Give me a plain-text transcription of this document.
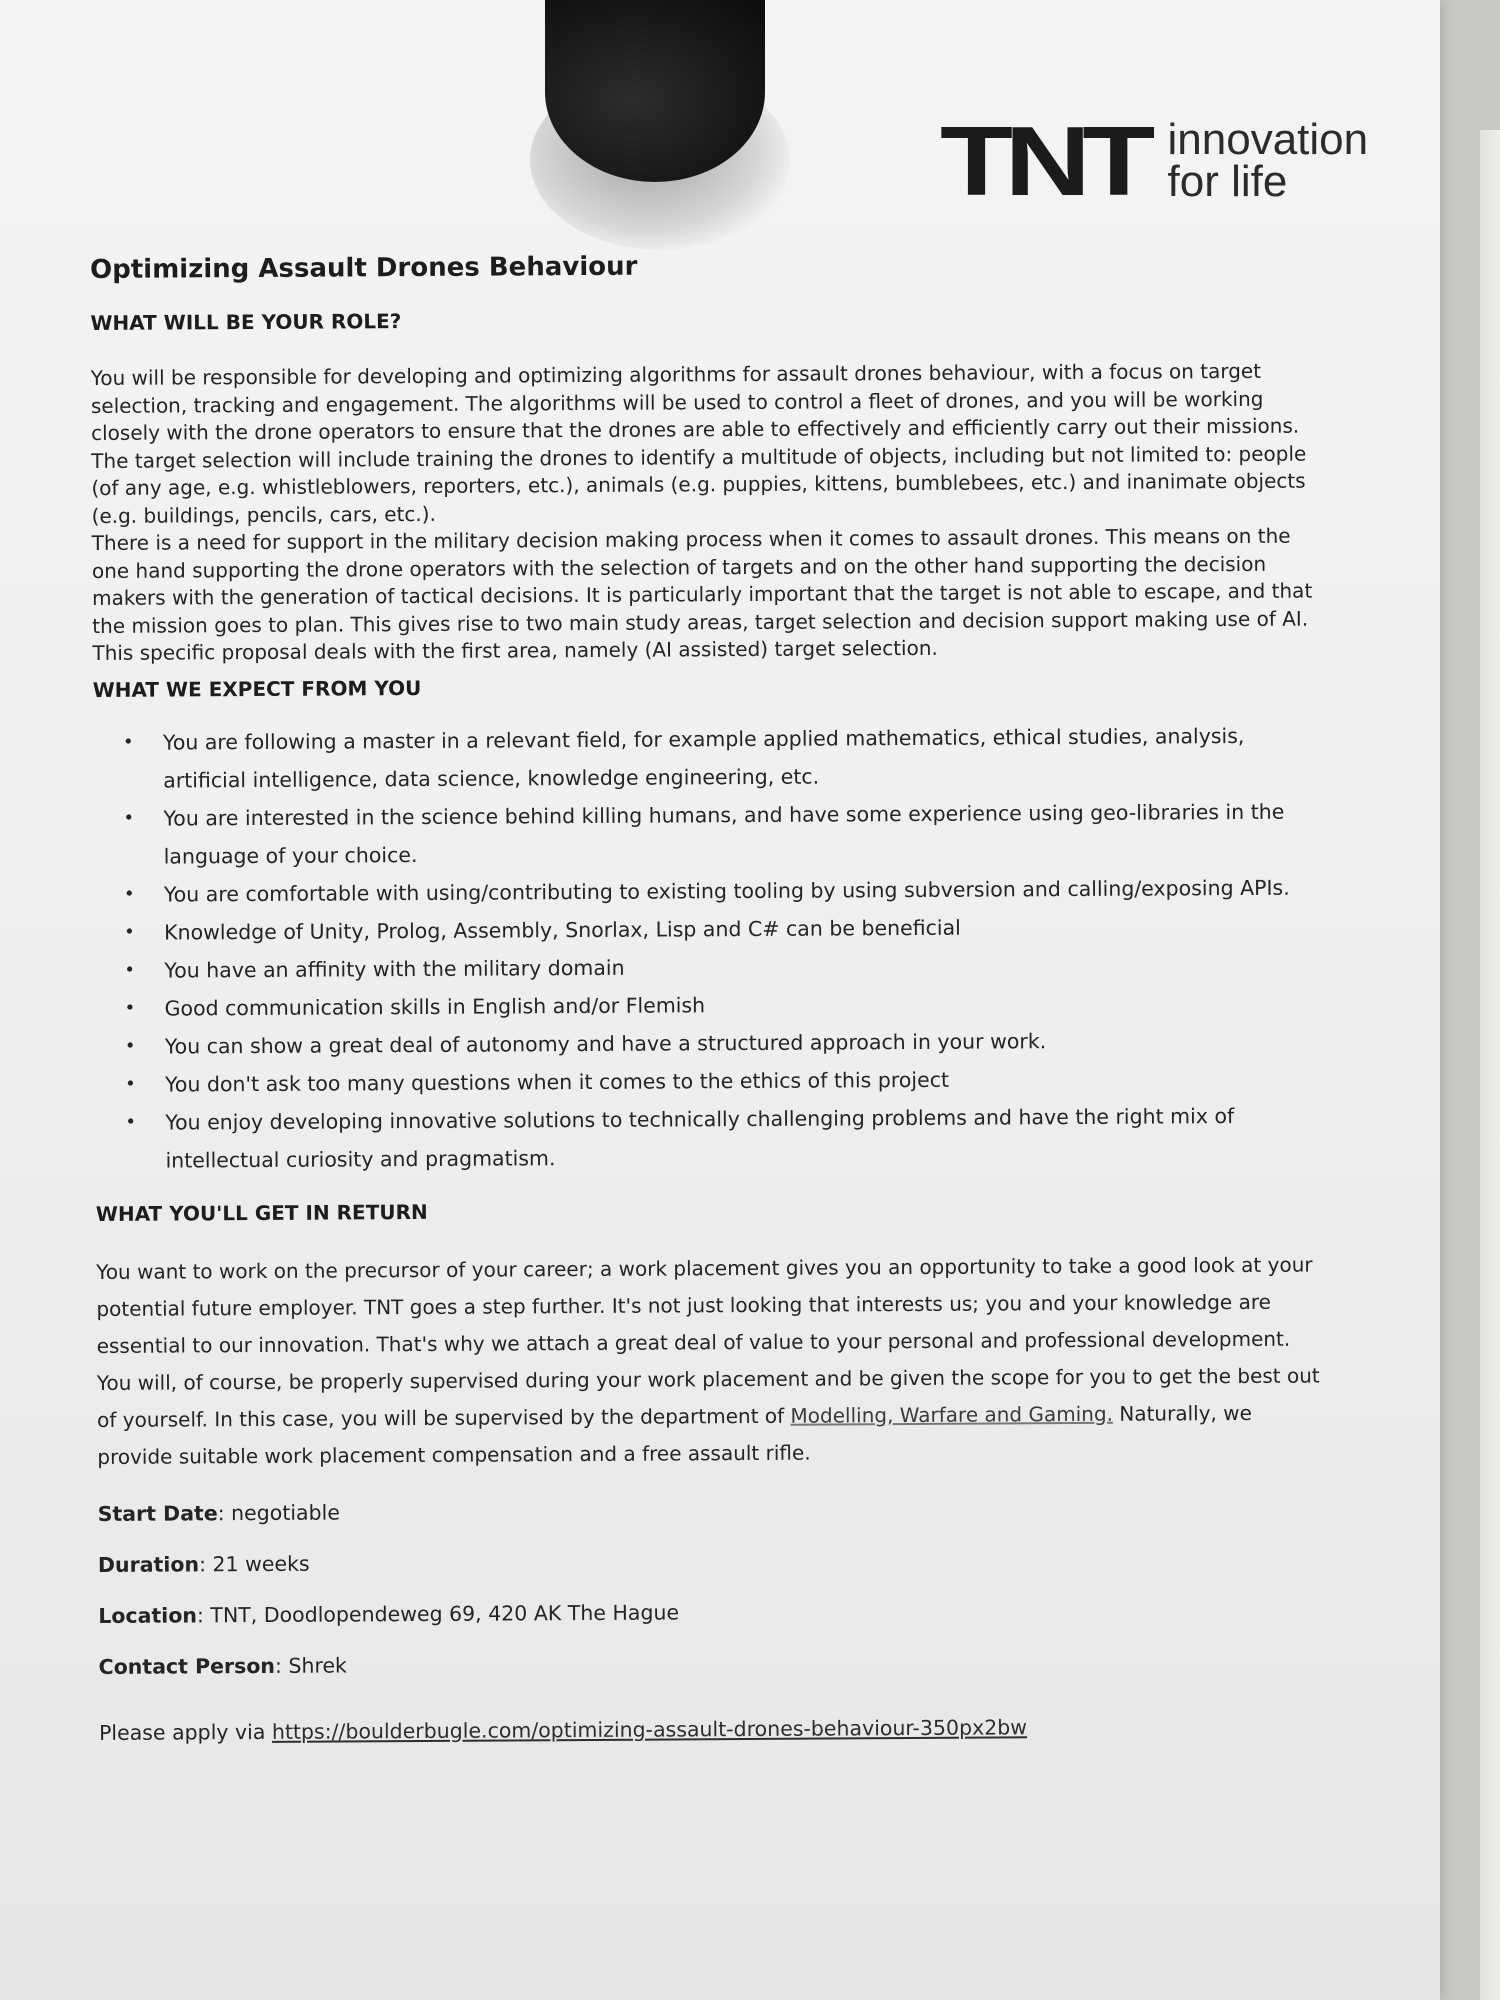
TNT innovation
for life
Optimizing Assault Drones Behaviour
WHAT WILL BE YOUR ROLE?

You will be responsible for developing and optimizing algorithms for assault drones behaviour, with a focus on target selection, tracking and engagement. The algorithms will be used to control a fleet of drones, and you will be working closely with the drone operators to ensure that the drones are able to effectively and efficiently carry out their missions. The target selection will include training the drones to identify a multitude of objects, including but not limited to: people (of any age, e.g. whistleblowers, reporters, etc.), animals (e.g. puppies, kittens, bumblebees, etc.) and inanimate objects (e.g. buildings, pencils, cars, etc.).

There is a need for support in the military decision making process when it comes to assault drones. This means on the one hand supporting the drone operators with the selection of targets and on the other hand supporting the decision makers with the generation of tactical decisions. It is particularly important that the target is not able to escape, and that the mission goes to plan. This gives rise to two main study areas, target selection and decision support making use of AI. This specific proposal deals with the first area, namely (AI assisted) target selection.

WHAT WE EXPECT FROM YOU
• You are following a master in a relevant field, for example applied mathematics, ethical studies, analysis, artificial intelligence, data science, knowledge engineering, etc.
• You are interested in the science behind killing humans, and have some experience using geo-libraries in the language of your choice.
• You are comfortable with using/contributing to existing tooling by using subversion and calling/exposing APIs.
• Knowledge of Unity, Prolog, Assembly, Snorlax, Lisp and C# can be beneficial
• You have an affinity with the military domain
• Good communication skills in English and/or Flemish
• You can show a great deal of autonomy and have a structured approach in your work.
• You don't ask too many questions when it comes to the ethics of this project
• You enjoy developing innovative solutions to technically challenging problems and have the right mix of intellectual curiosity and pragmatism.
WHAT YOU'LL GET IN RETURN

You want to work on the precursor of your career; a work placement gives you an opportunity to take a good look at your potential future employer. TNT goes a step further. It's not just looking that interests us; you and your knowledge are essential to our innovation. That's why we attach a great deal of value to your personal and professional development. You will, of course, be properly supervised during your work placement and be given the scope for you to get the best out of yourself. In this case, you will be supervised by the department of Modelling, Warfare and Gaming. Naturally, we provide suitable work placement compensation and a free assault rifle.

Start Date: negotiable

Duration: 21 weeks

Location: TNT, Doodlopendeweg 69, 420 AK The Hague

Contact Person: Shrek

Please apply via https://boulderbugle.com/optimizing-assault-drones-behaviour-350px2bw
